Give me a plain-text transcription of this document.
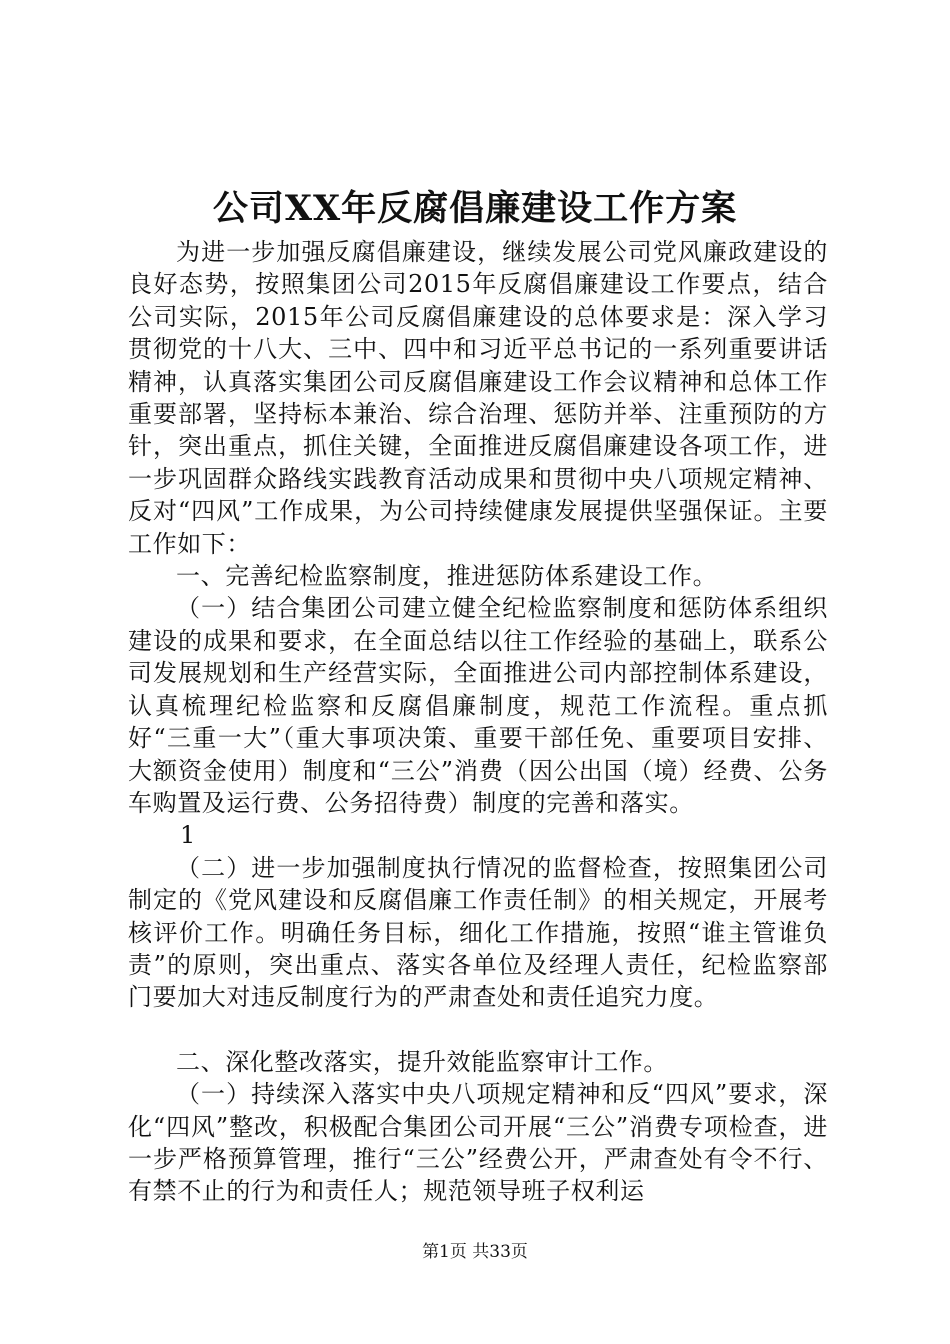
公司XX年反腐倡廉建设工作方案

为进一步加强反腐倡廉建设，继续发展公司党风廉政建设的良好态势，按照集团公司2015年反腐倡廉建设工作要点，结合公司实际，2015年公司反腐倡廉建设的总体要求是：深入学习贯彻党的十八大、三中、四中和习近平总书记的一系列重要讲话精神，认真落实集团公司反腐倡廉建设工作会议精神和总体工作重要部署，坚持标本兼治、综合治理、惩防并举、注重预防的方针，突出重点，抓住关键，全面推进反腐倡廉建设各项工作，进一步巩固群众路线实践教育活动成果和贯彻中央八项规定精神、反对“四风”工作成果，为公司持续健康发展提供坚强保证。主要工作如下：

一、完善纪检监察制度，推进惩防体系建设工作。

（一）结合集团公司建立健全纪检监察制度和惩防体系组织建设的成果和要求，在全面总结以往工作经验的基础上，联系公司发展规划和生产经营实际，全面推进公司内部控制体系建设，认真梳理纪检监察和反腐倡廉制度，规范工作流程。重点抓好“三重一大”（重大事项决策、重要干部任免、重要项目安排、大额资金使用）制度和“三公”消费（因公出国（境）经费、公务车购置及运行费、公务招待费）制度的完善和落实。

1

（二）进一步加强制度执行情况的监督检查，按照集团公司制定的《党风建设和反腐倡廉工作责任制》的相关规定，开展考核评价工作。明确任务目标，细化工作措施，按照“谁主管谁负责”的原则，突出重点、落实各单位及经理人责任，纪检监察部门要加大对违反制度行为的严肃查处和责任追究力度。

二、深化整改落实，提升效能监察审计工作。

（一）持续深入落实中央八项规定精神和反“四风”要求，深化“四风”整改，积极配合集团公司开展“三公”消费专项检查，进一步严格预算管理，推行“三公”经费公开，严肃查处有令不行、有禁不止的行为和责任人；规范领导班子权利运

第1页 共33页
